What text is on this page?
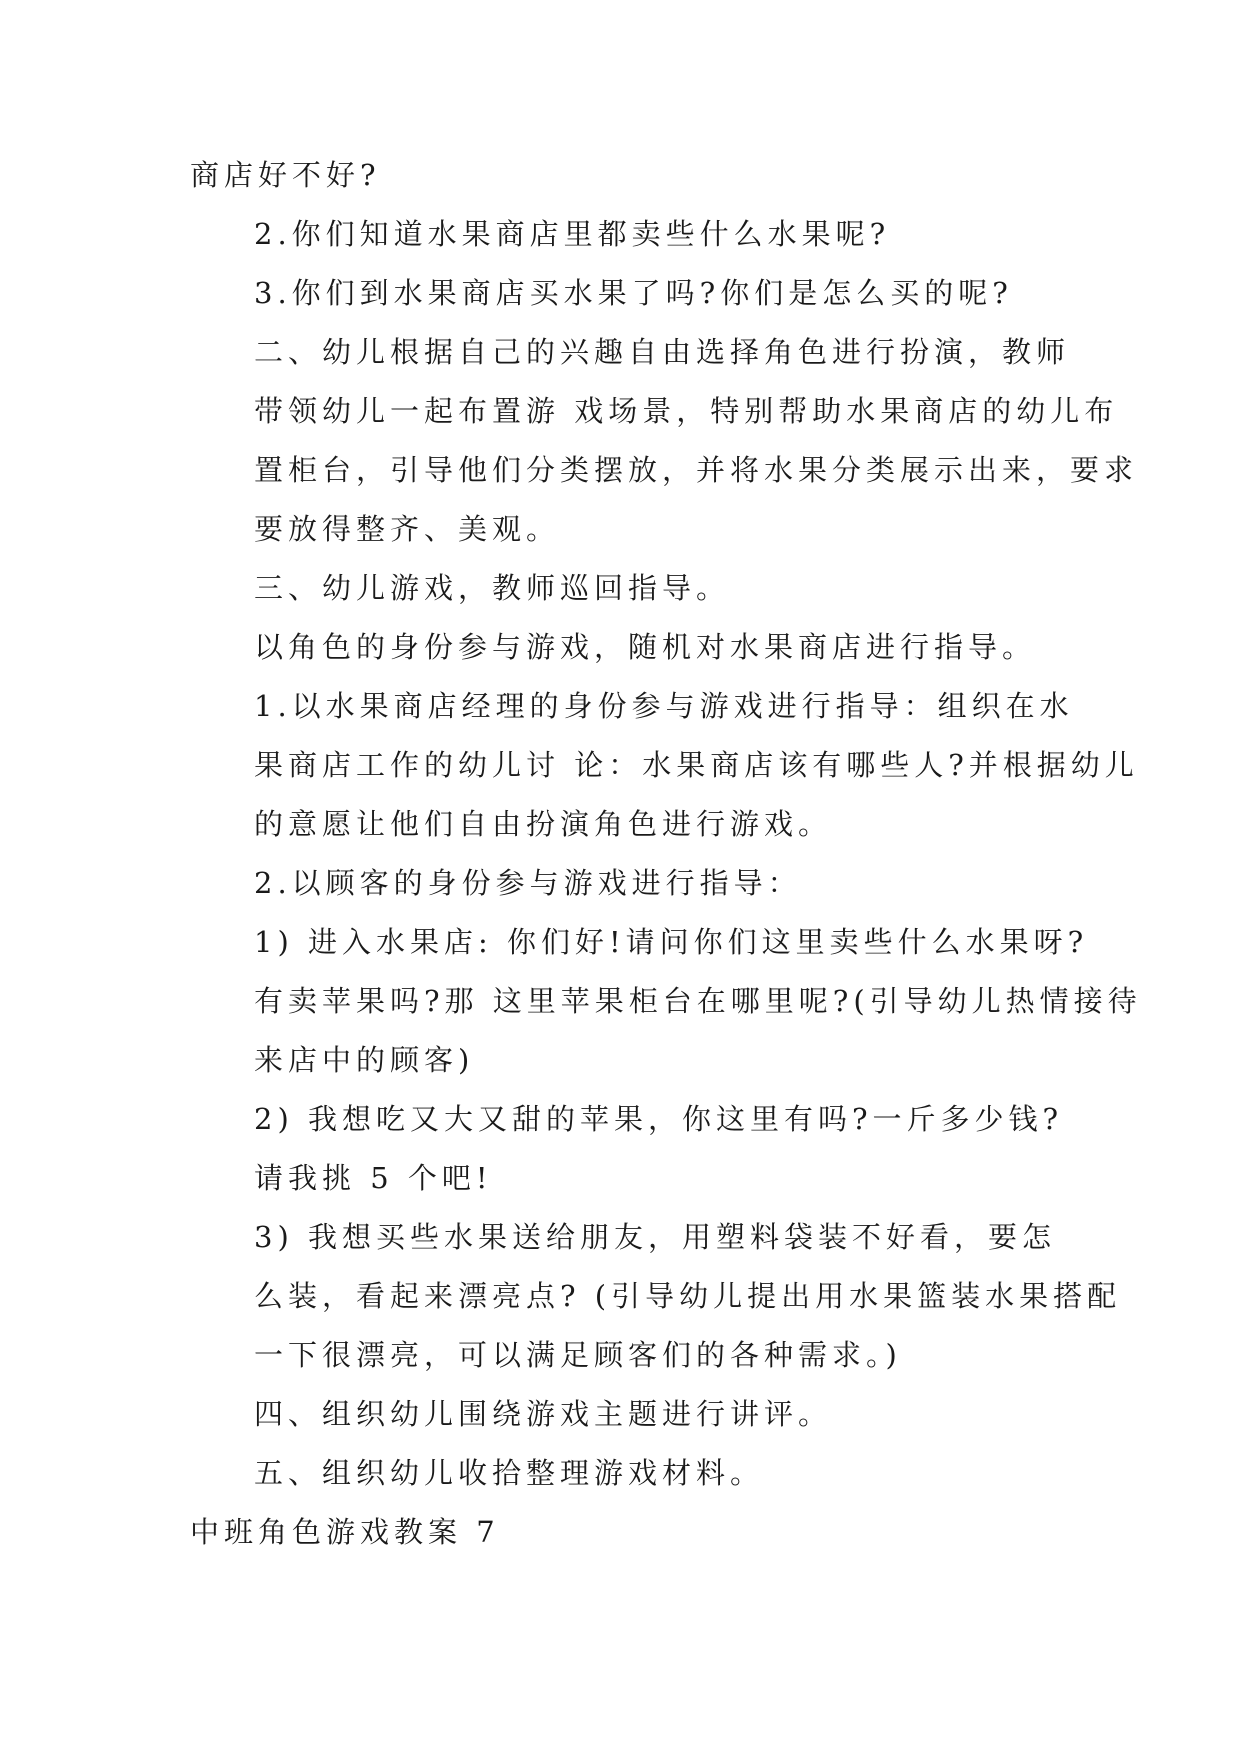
商店好不好?

2.你们知道水果商店里都卖些什么水果呢?

3.你们到水果商店买水果了吗?你们是怎么买的呢?

二、幼儿根据自己的兴趣自由选择角色进行扮演，教师
带领幼儿一起布置游 戏场景，特别帮助水果商店的幼儿布
置柜台，引导他们分类摆放，并将水果分类展示出来，要求
要放得整齐、美观。

三、幼儿游戏，教师巡回指导。

以角色的身份参与游戏，随机对水果商店进行指导。

1.以水果商店经理的身份参与游戏进行指导：组织在水
果商店工作的幼儿讨 论：水果商店该有哪些人?并根据幼儿
的意愿让他们自由扮演角色进行游戏。

2.以顾客的身份参与游戏进行指导：

1) 进入水果店: 你们好!请问你们这里卖些什么水果呀?
有卖苹果吗?那 这里苹果柜台在哪里呢?(引导幼儿热情接待
来店中的顾客)

2) 我想吃又大又甜的苹果，你这里有吗?一斤多少钱?
请我挑 5 个吧!

3) 我想买些水果送给朋友，用塑料袋装不好看，要怎
么装，看起来漂亮点? (引导幼儿提出用水果篮装水果搭配
一下很漂亮，可以满足顾客们的各种需求。)

四、组织幼儿围绕游戏主题进行讲评。

五、组织幼儿收拾整理游戏材料。

中班角色游戏教案 7
